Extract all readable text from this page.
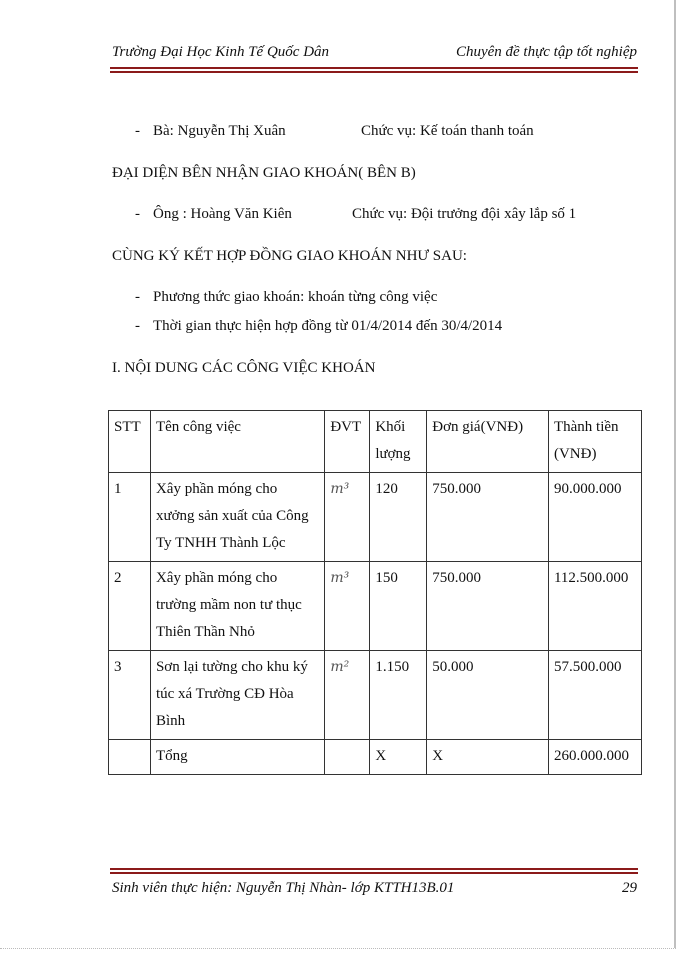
Trường Đại Học Kinh Tế Quốc Dân	Chuyên đề thực tập tốt nghiệp
- Bà: Nguyễn Thị Xuân	Chức vụ: Kế toán thanh toán
ĐẠI DIỆN BÊN NHẬN GIAO KHOÁN( BÊN B)
- Ông : Hoàng Văn Kiên	Chức vụ: Đội trưởng đội xây lắp số 1
CÙNG KÝ KẾT HỢP ĐỒNG GIAO KHOÁN NHƯ SAU:
- Phương thức giao khoán: khoán từng công việc
- Thời gian thực hiện hợp đồng từ 01/4/2014 đến 30/4/2014
I. NỘI DUNG CÁC CÔNG VIỆC KHOÁN
STT	Tên công việc	ĐVT	Khối lượng	Đơn giá(VNĐ)	Thành tiền (VNĐ)
1	Xây phần móng cho xưởng sản xuất của Công Ty TNHH Thành Lộc	m³	120	750.000	90.000.000
2	Xây phần móng cho trường mầm non tư thục Thiên Thần Nhỏ	m³	150	750.000	112.500.000
3	Sơn lại tường cho khu ký túc xá Trường CĐ Hòa Bình	m²	1.150	50.000	57.500.000
	Tổng		X	X	260.000.000
Sinh viên thực hiện: Nguyễn Thị Nhàn- lớp KTTH13B.01	29
